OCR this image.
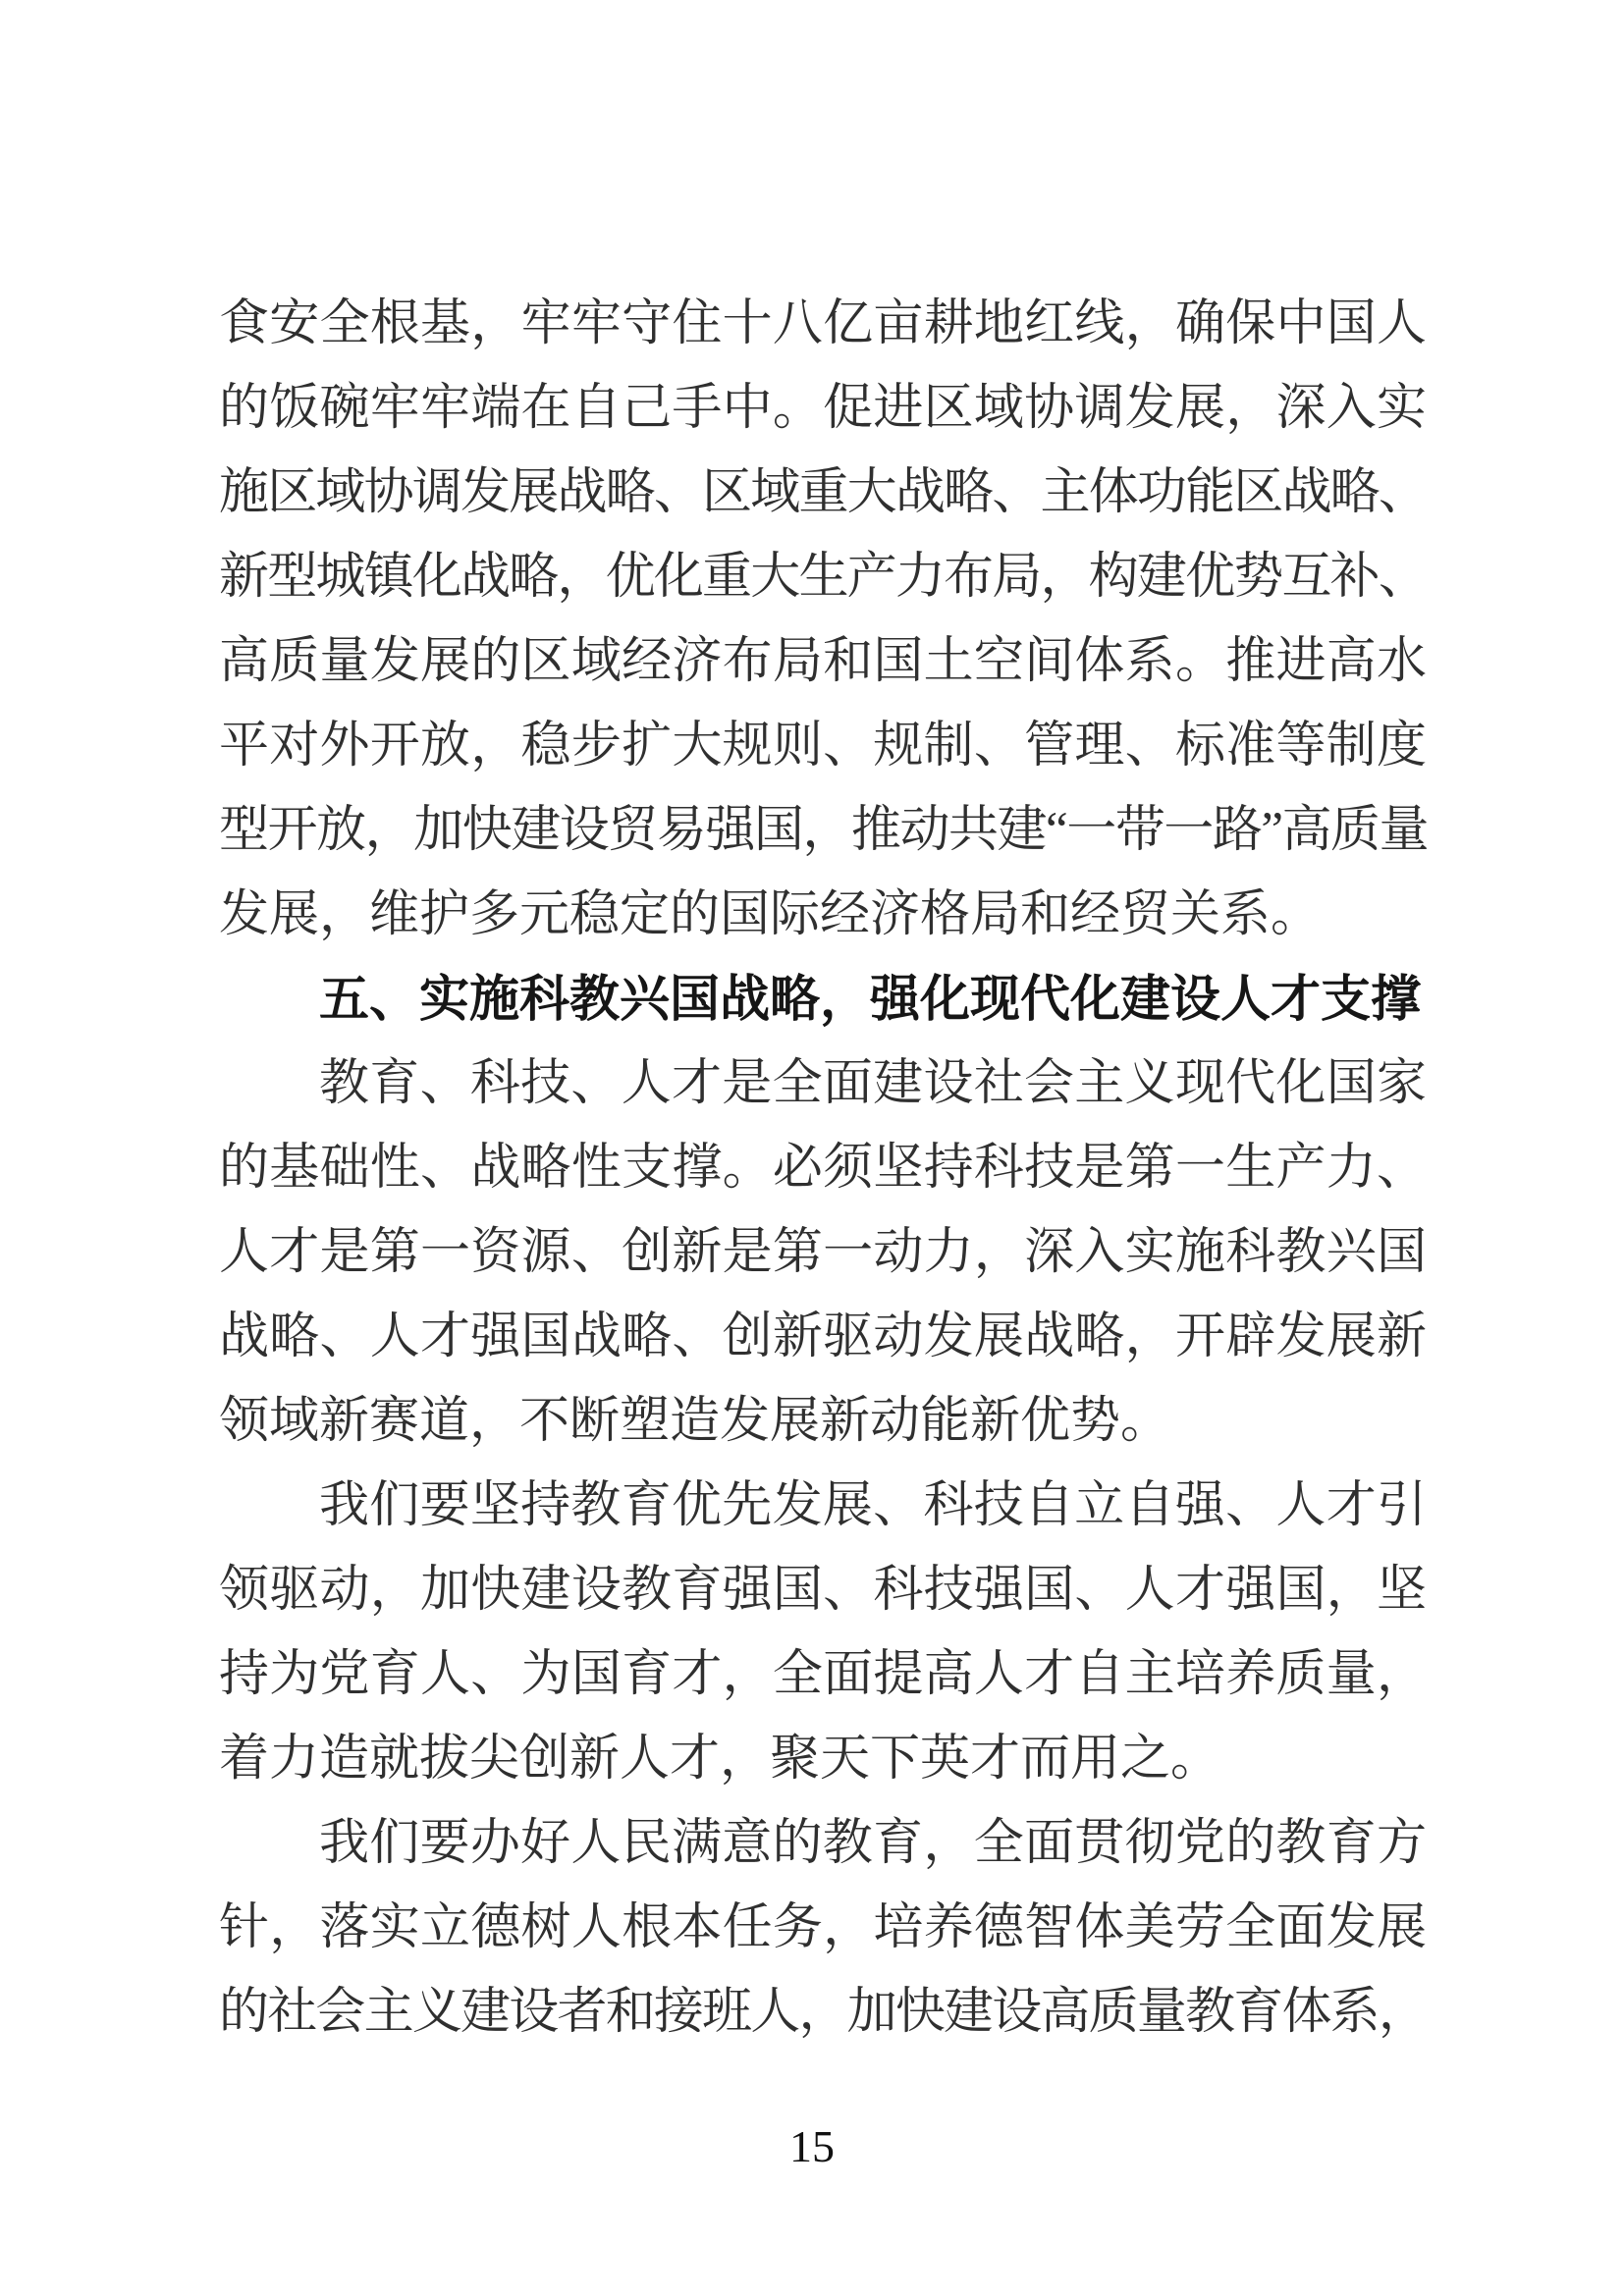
食安全根基，牢牢守住十八亿亩耕地红线，确保中国人
的饭碗牢牢端在自己手中。促进区域协调发展，深入实
施区域协调发展战略、区域重大战略、主体功能区战略、
新型城镇化战略，优化重大生产力布局，构建优势互补、
高质量发展的区域经济布局和国土空间体系。推进高水
平对外开放，稳步扩大规则、规制、管理、标准等制度
型开放，加快建设贸易强国，推动共建“一带一路”高质量
发展，维护多元稳定的国际经济格局和经贸关系。
五、实施科教兴国战略，强化现代化建设人才支撑
教育、科技、人才是全面建设社会主义现代化国家
的基础性、战略性支撑。必须坚持科技是第一生产力、
人才是第一资源、创新是第一动力，深入实施科教兴国
战略、人才强国战略、创新驱动发展战略，开辟发展新
领域新赛道，不断塑造发展新动能新优势。
我们要坚持教育优先发展、科技自立自强、人才引
领驱动，加快建设教育强国、科技强国、人才强国，坚
持为党育人、为国育才，全面提高人才自主培养质量，
着力造就拔尖创新人才，聚天下英才而用之。
我们要办好人民满意的教育，全面贯彻党的教育方
针，落实立德树人根本任务，培养德智体美劳全面发展
的社会主义建设者和接班人，加快建设高质量教育体系，
15
